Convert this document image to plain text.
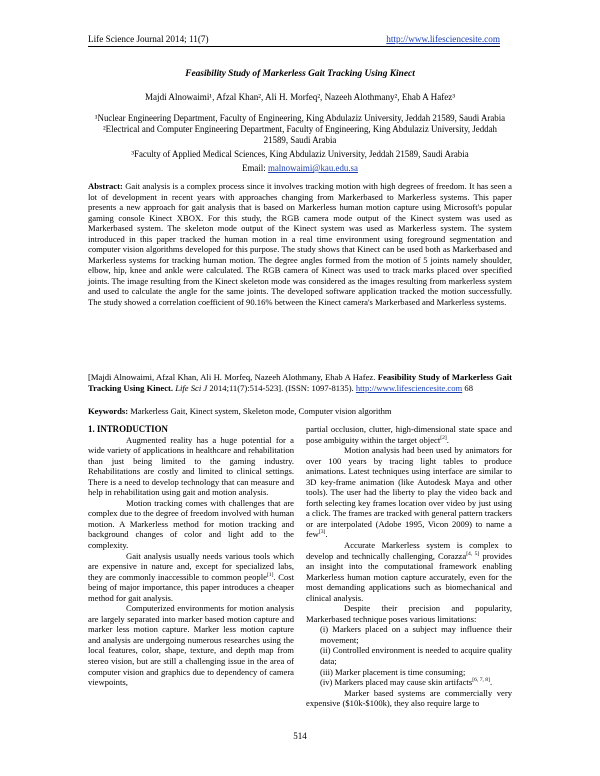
Life Science Journal 2014; 11(7)	http://www.lifesciencesite.com
Feasibility Study of Markerless Gait Tracking Using Kinect
Majdi Alnowaimi¹, Afzal Khan², Ali H. Morfeq², Nazeeh Alothmany², Ehab A Hafez³
¹Nuclear Engineering Department, Faculty of Engineering, King Abdulaziz University, Jeddah 21589, Saudi Arabia
²Electrical and Computer Engineering Department, Faculty of Engineering, King Abdulaziz University, Jeddah 21589, Saudi Arabia
³Faculty of Applied Medical Sciences, King Abdulaziz University, Jeddah 21589, Saudi Arabia
Email: malnowaimi@kau.edu.sa
Abstract: Gait analysis is a complex process since it involves tracking motion with high degrees of freedom. It has seen a lot of development in recent years with approaches changing from Markerbased to Markerless systems. This paper presents a new approach for gait analysis that is based on Markerless human motion capture using Microsoft's popular gaming console Kinect XBOX. For this study, the RGB camera mode output of the Kinect system was used as Markerbased system. The skeleton mode output of the Kinect system was used as Markerless system. The system introduced in this paper tracked the human motion in a real time environment using foreground segmentation and computer vision algorithms developed for this purpose. The study shows that Kinect can be used both as Markerbased and Markerless systems for tracking human motion. The degree angles formed from the motion of 5 joints namely shoulder, elbow, hip, knee and ankle were calculated. The RGB camera of Kinect was used to track marks placed over specified joints. The image resulting from the Kinect skeleton mode was considered as the images resulting from markerless system and used to calculate the angle for the same joints. The developed software application tracked the motion successfully. The study showed a correlation coefficient of 90.16% between the Kinect camera's Markerbased and Markerless systems.
[Majdi Alnowaimi, Afzal Khan, Ali H. Morfeq, Nazeeh Alothmany, Ehab A Hafez. Feasibility Study of Markerless Gait Tracking Using Kinect. Life Sci J 2014;11(7):514-523]. (ISSN: 1097-8135). http://www.lifesciencesite.com 68
Keywords: Markerless Gait, Kinect system, Skeleton mode, Computer vision algorithm
1. INTRODUCTION

Augmented reality has a huge potential for a wide variety of applications in healthcare and rehabilitation than just being limited to the gaming industry. Rehabilitations are costly and limited to clinical settings. There is a need to develop technology that can measure and help in rehabilitation using gait and motion analysis.

Motion tracking comes with challenges that are complex due to the degree of freedom involved with human motion. A Markerless method for motion tracking and background changes of color and light add to the complexity.

Gait analysis usually needs various tools which are expensive in nature and, except for specialized labs, they are commonly inaccessible to common people[1]. Cost being of major importance, this paper introduces a cheaper method for gait analysis.

Computerized environments for motion analysis are largely separated into marker based motion capture and marker less motion capture. Marker less motion capture and analysis are undergoing numerous researches using the local features, color, shape, texture, and depth map from stereo vision, but are still a challenging issue in the area of computer vision and graphics due to dependency of camera viewpoints,

partial occlusion, clutter, high-dimensional state space and pose ambiguity within the target object[2].

Motion analysis had been used by animators for over 100 years by tracing light tables to produce animations. Latest techniques using interface are similar to 3D key-frame animation (like Autodesk Maya and other tools). The user had the liberty to play the video back and forth selecting key frames location over video by just using a click. The frames are tracked with general pattern trackers or are interpolated (Adobe 1995, Vicon 2009) to name a few[3].

Accurate Markerless system is complex to develop and technically challenging, Corazza[4, 5] provides an insight into the computational framework enabling Markerless human motion capture accurately, even for the most demanding applications such as biomechanical and clinical analysis.

Despite their precision and popularity, Markerbased technique poses various limitations:

(i) Markers placed on a subject may influence their movement;
(ii) Controlled environment is needed to acquire quality data;
(iii) Marker placement is time consuming;
(iv) Markers placed may cause skin artifacts[6, 7, 8].

Marker based systems are commercially very expensive ($10k-$100k), they also require large to

514
